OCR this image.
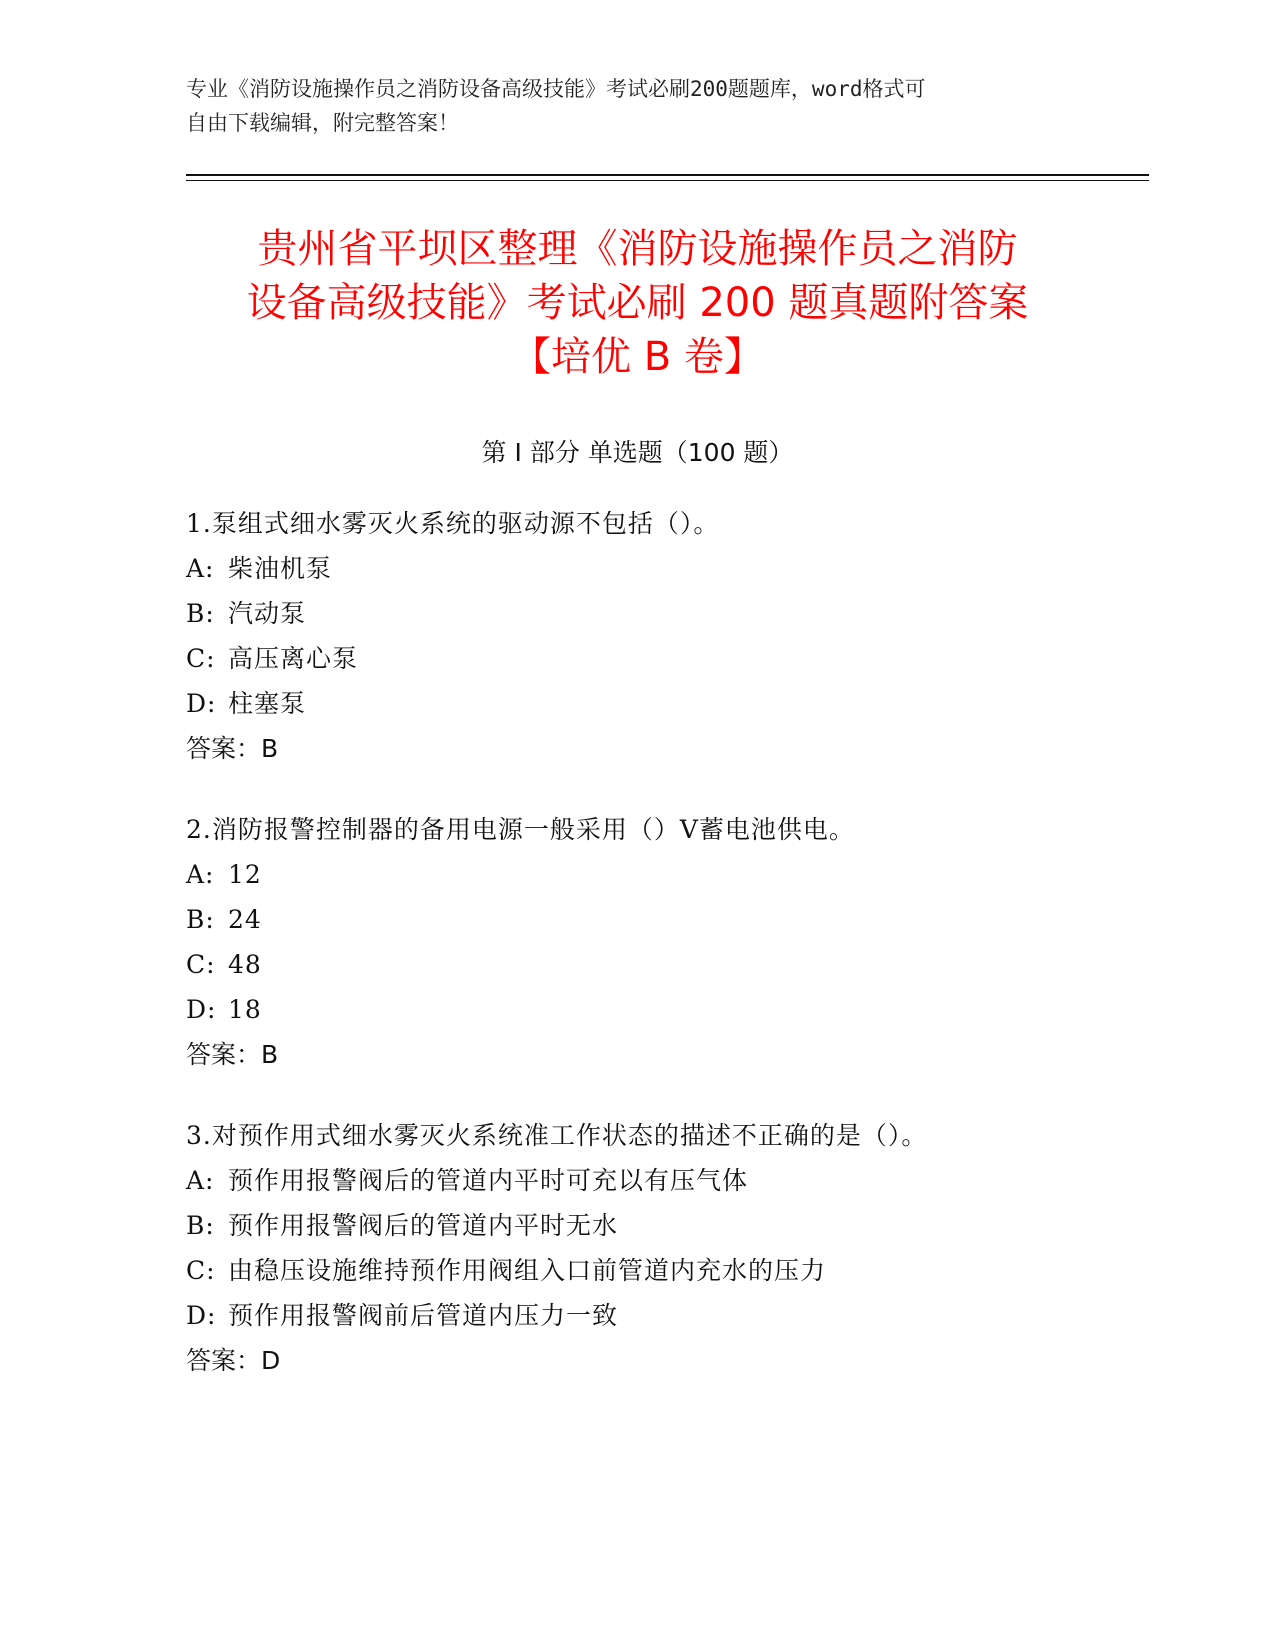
专业《消防设施操作员之消防设备高级技能》考试必刷200题题库，word格式可
自由下载编辑，附完整答案！
贵州省平坝区整理《消防设施操作员之消防
设备高级技能》考试必刷 200 题真题附答案
【培优 B 卷】
第 I 部分 单选题（100 题）
1.泵组式细水雾灭火系统的驱动源不包括（）。
A: 柴油机泵
B: 汽动泵
C: 高压离心泵
D: 柱塞泵
答案：B
2.消防报警控制器的备用电源一般采用（）V蓄电池供电。
A: 12
B: 24
C: 48
D: 18
答案：B
3.对预作用式细水雾灭火系统准工作状态的描述不正确的是（）。
A: 预作用报警阀后的管道内平时可充以有压气体
B: 预作用报警阀后的管道内平时无水
C: 由稳压设施维持预作用阀组入口前管道内充水的压力
D: 预作用报警阀前后管道内压力一致
答案：D
